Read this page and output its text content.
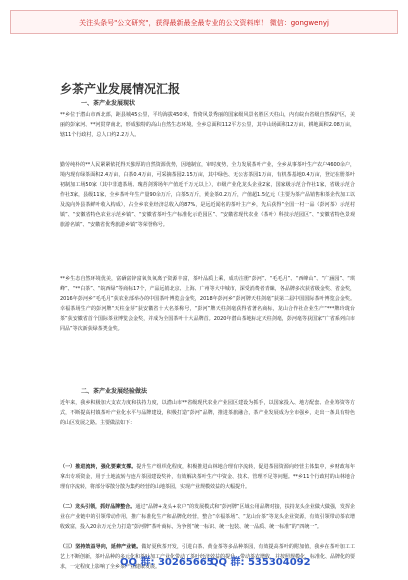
关注头条号"公文研究"，获得最新最全最专业的公文资料库！ 微信：gongwenyj
乡茶产业发展情况汇报
一、茶产业发展现状
**乡位于潜山市西北部，距县城45公里，平均海拔450米，背倚风景秀丽的国家级风景名胜区天柱山，内有皖台省级自然保护区，美丽的彭家河、**河贯穿南北，形成独特的高山自然生态环境。全乡总面积112平方公里，其中山场面积12万亩，耕地面积2.08万亩，辖11个行政村，总人口约2.2万人。
勤劳纯朴的**人民紧紧依托得天独厚的自然资源优势，因地制宜，审时度势，全力发展茶叶产业，全乡从事茶叶生产农户4600余户，境内现有绿茶面积2.4万亩，白茶0.4万亩，可采摘茶园2.15万亩，其中绿色、无公害茶园1万亩，有机茶基地0.4万亩，登记在册茶叶初制加工场50家（其中非遗茶场、瑰苔剑雾场年产值近千万元以上），市级产业化龙头企业2家，国家级示范合作社1家，省级示范合作社3家，县级11家，全乡茶叶年生产量90余万斤，白茶5万斤，黄金茶0.2万斤，产值超1.5亿元（主要为茶产品销售和茶企代加工以及流向外县茶鲜叶收入构成），占全乡农业经济总收入的87%，是远近闻名的茶叶主产乡，先后获得“全国一村一品（彭河茶）示范村镇”、“安徽省特色农业示范乡镇”、“安徽省茶叶生产标准化示范园区”、“安徽省现代农业（茶叶）科技示范园区”、“安徽省特色景观旅游名镇”、“安徽省优秀旅游乡镇”等荣誉称号。
**乡生态自然环境优美，富硒富锌富氧负氧离子资源丰富，茶叶品质上乘，成功注册“彭河”、“毛毛月”、“西峰山”、“广涵园”、“琪峰”、“**白茶”、“皖西绿”等商标17个，产品远销北京、上海、广州等大中城市，深受消费者青睐，各品牌多次获省级金奖、省金奖，2016年彭河乡“毛毛月”获农业部举办的中国茶叶博览会金奖，2018年彭河乡“彭河牌天柱剑毫”获第二届中国国际茶叶博览会金奖。幸福茶场生产的彭河牌“天柱金芽”获安徽省十大名茶称号，“彭河”牌天柱剑毫获得省著名商标，龙山合作社企业生产“***牌玲珑台茶”获安徽省首个国际茶业博览会金奖，并成为全国茶叶十大品牌首。2020年潜山茶地标定天柱剑毫，彭河毫等获国家”广省系列白市同品”等次新获绿茶类金奖。
二、茶产业发展经验做法
近年来，我乡积极加大支农力度和扶持力度，以潜山市**省级现代农业产业园区建设为抓手，以国家投入、地方配套、企业筹资等方式，不断提高村镇茶叶产业化水平与品牌建设，积极打造“彭河”品牌，推进茶旅融合，茶产业发展成为全市强乡，走出一条具有特色的山区发展之路。主要做法如下：
（一）推进流转，强化要素支撑。提升生产组织化程度，积极推进山林地合理有序流转，促进茶园资源向经营主体集中，乡财政每年拿出专项资金，用于土地流转与连片茶园建设奖补，有效解决茶叶生产中资金、技术、管理不足等问题。**乡11个行政村的山林地合理有序流转，将部分零散分散为集约经营的山地茶园，实现产业规模效益的大幅提升。
（二）龙头引领，抓好品牌整合。通过“品牌+龙头+农户”的发展模式和“彭河牌”区域公用品牌对接，扶持龙头企业做大做强，发挥企业在产业链中的引领带动作用，推广标准化生产和品牌化经营，整合“幸福茶场”、“龙山台茶”等龙头企业资源，有效引领带动茶农增收致富，投入20余万元全力打造“彭河牌”茶叶商标，为争创“统一标识、统一包装、统一品质、统一标准”的“四统一”。
（三）坚持效益导向，延伸产业链。做好夏秋茶开发，引进白茶、黄金茶等多品种茶园，有效提高茶叶的附加值，我乡在茶叶加工工艺上不断创新，茶叶品种的多元化和茶叶加工产业化带动了茶叶经济效益的提升，带动茶农增收，并按照规模化、标准化、品牌化的要求，一定程度上影响了全乡茶产业健康发展。
QQ 群: 30265665
QQ 群: 535304092
